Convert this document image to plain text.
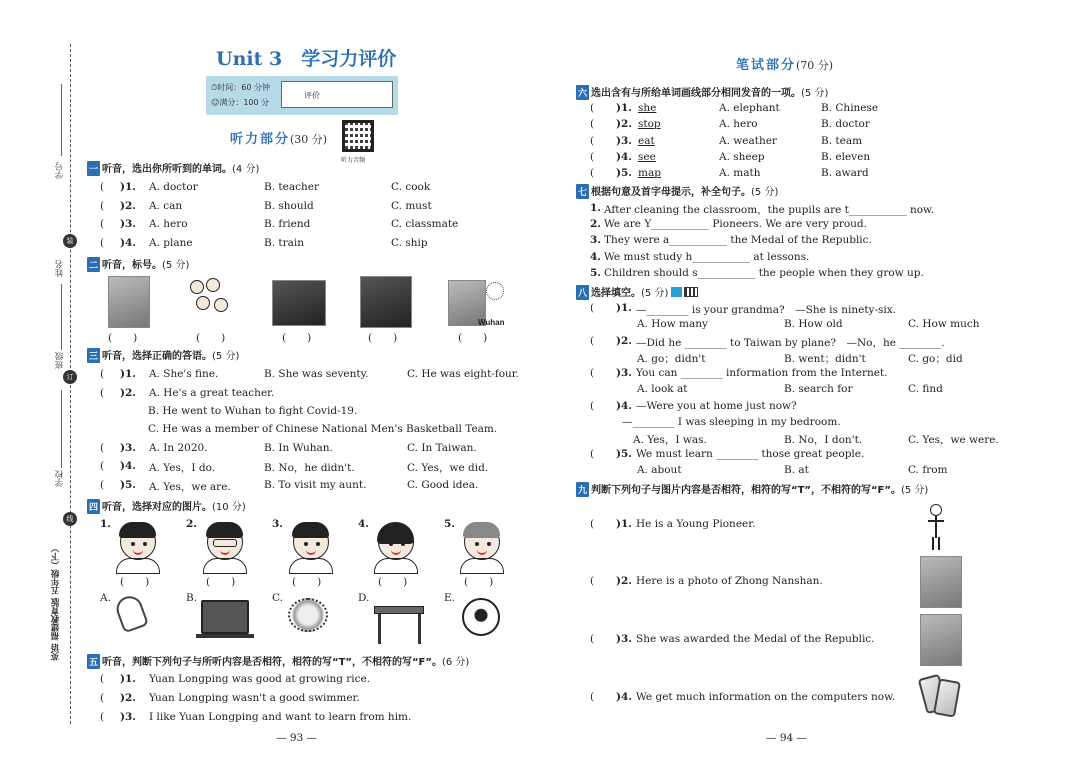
学号
装
姓名
班级
订
学校
线
英语 福建教育版 五年级（下）
Unit 3　学习力评价
⏱时间：60 分钟
☺满分：100 分
评价
听力部分(30 分)
听力音频
一 听音，选出你所听到的单词。(4 分)
( )1. A. doctor	B. teacher	C. cook
( )2. A. can	B. should	C. must
( )3. A. hero	B. friend	C. classmate
( )4. A. plane	B. train	C. ship
二 听音，标号。(5 分)
Wuhan
(　　)	(　　)	(　　)	(　　)	(　　)
三 听音，选择正确的答语。(5 分)
( )1. A. She's fine.	B. She was seventy.	C. He was eight-four.
( )2. A. He's a great teacher.
B. He went to Wuhan to fight Covid-19.
C. He was a member of Chinese National Men's Basketball Team.
( )3. A. In 2020.	B. In Wuhan.	C. In Taiwan.
( )4. A. Yes，I do.	B. No，he didn't.	C. Yes，we did.
( )5. A. Yes，we are.	B. To visit my aunt.	C. Good idea.
四 听音，选择对应的图片。(10 分)
1.	2.	3.	4.	5.
(　　)	(　　)	(　　)	(　　)	(　　)
A.	B.	C.	D.	E.
五 听音，判断下列句子与所听内容是否相符，相符的写“T”，不相符的写“F”。(6 分)
( )1. Yuan Longping was good at growing rice.
( )2. Yuan Longping wasn't a good swimmer.
( )3. I like Yuan Longping and want to learn from him.
— 93 —
笔试部分(70 分)
六 选出含有与所给单词画线部分相同发音的一项。(5 分)
( )1. she	A. elephant	B. Chinese
( )2. stop	A. hero	B. doctor
( )3. eat	A. weather	B. team
( )4. see	A. sheep	B. eleven
( )5. map	A. math	B. award
七 根据句意及首字母提示，补全句子。(5 分)
1. After cleaning the classroom，the pupils are t___________ now.
2. We are Y___________ Pioneers. We are very proud.
3. They were a___________ the Medal of the Republic.
4. We must study h___________ at lessons.
5. Children should s___________ the people when they grow up.
八 选择填空。(5 分)
( )1. —________ is your grandma?　—She is ninety-six.
A. How many	B. How old	C. How much
( )2. —Did he ________ to Taiwan by plane?　—No，he ________.
A. go；didn't	B. went；didn't	C. go；did
( )3. You can ________ information from the Internet.
A. look at	B. search for	C. find
( )4. —Were you at home just now?
—________ I was sleeping in my bedroom.
A. Yes，I was.	B. No，I don't.	C. Yes，we were.
( )5. We must learn ________ those great people.
A. about	B. at	C. from
九 判断下列句子与图片内容是否相符，相符的写“T”，不相符的写“F”。(5 分)
( )1. He is a Young Pioneer.
( )2. Here is a photo of Zhong Nanshan.
( )3. She was awarded the Medal of the Republic.
( )4. We get much information on the computers now.
— 94 —
